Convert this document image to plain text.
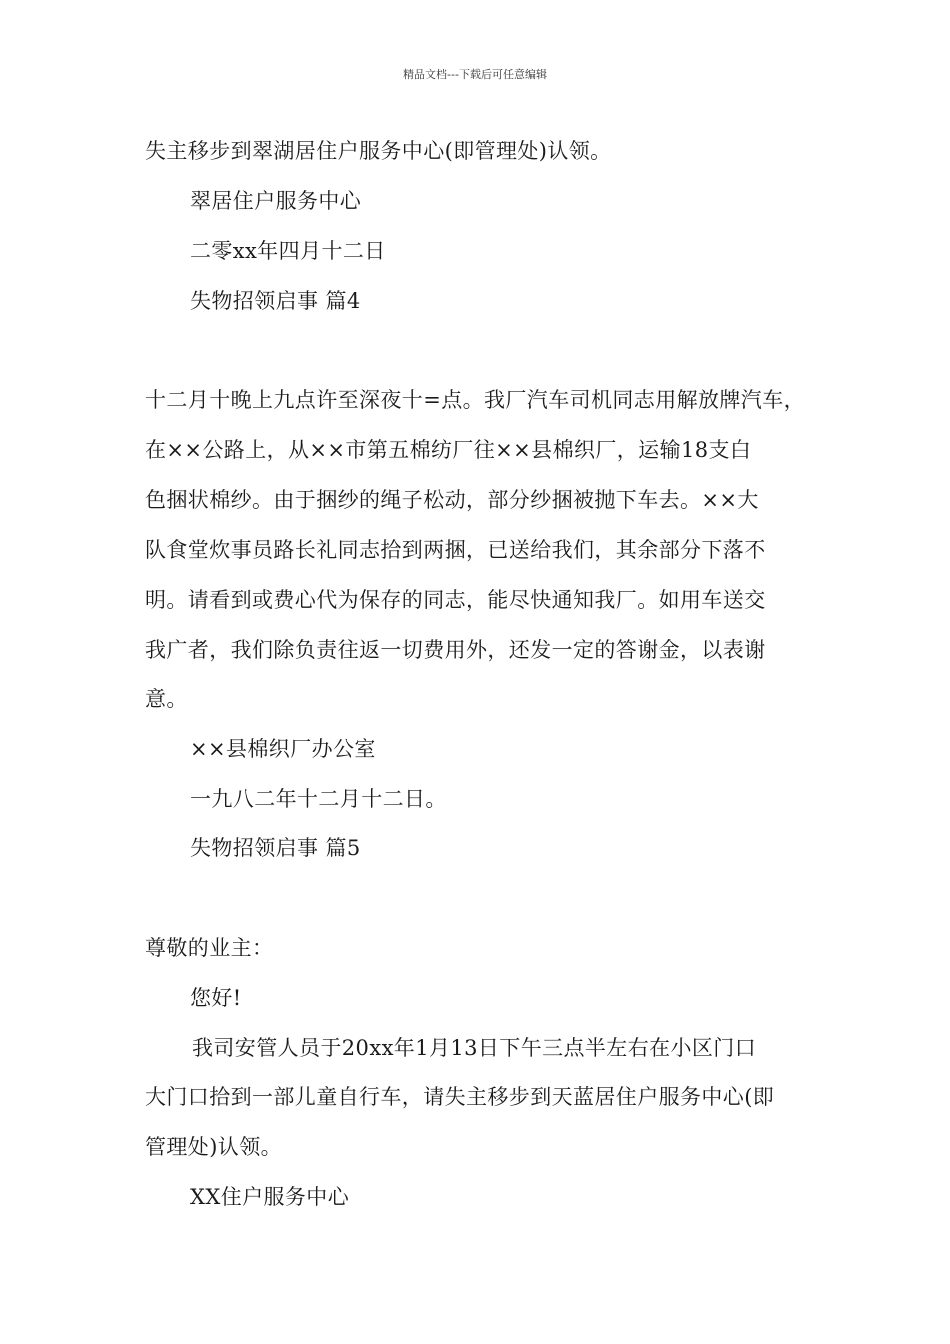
精品文档---下载后可任意编辑
失主移步到翠湖居住户服务中心(即管理处)认领。
翠居住户服务中心
二零xx年四月十二日
失物招领启事 篇4
十二月十晚上九点许至深夜十=点。我厂汽车司机同志用解放牌汽车，
在××公路上，从××市第五棉纺厂往××县棉织厂，运输18支白
色捆状棉纱。由于捆纱的绳子松动，部分纱捆被抛下车去。××大
队食堂炊事员路长礼同志拾到两捆，已送给我们，其余部分下落不
明。请看到或费心代为保存的同志，能尽快通知我厂。如用车送交
我广者，我们除负责往返一切费用外，还发一定的答谢金，以表谢
意。
××县棉织厂办公室
一九八二年十二月十二日。
失物招领启事 篇5
尊敬的业主：
您好!
我司安管人员于20xx年1月13日下午三点半左右在小区门口
大门口拾到一部儿童自行车，请失主移步到天蓝居住户服务中心(即
管理处)认领。
XX住户服务中心
